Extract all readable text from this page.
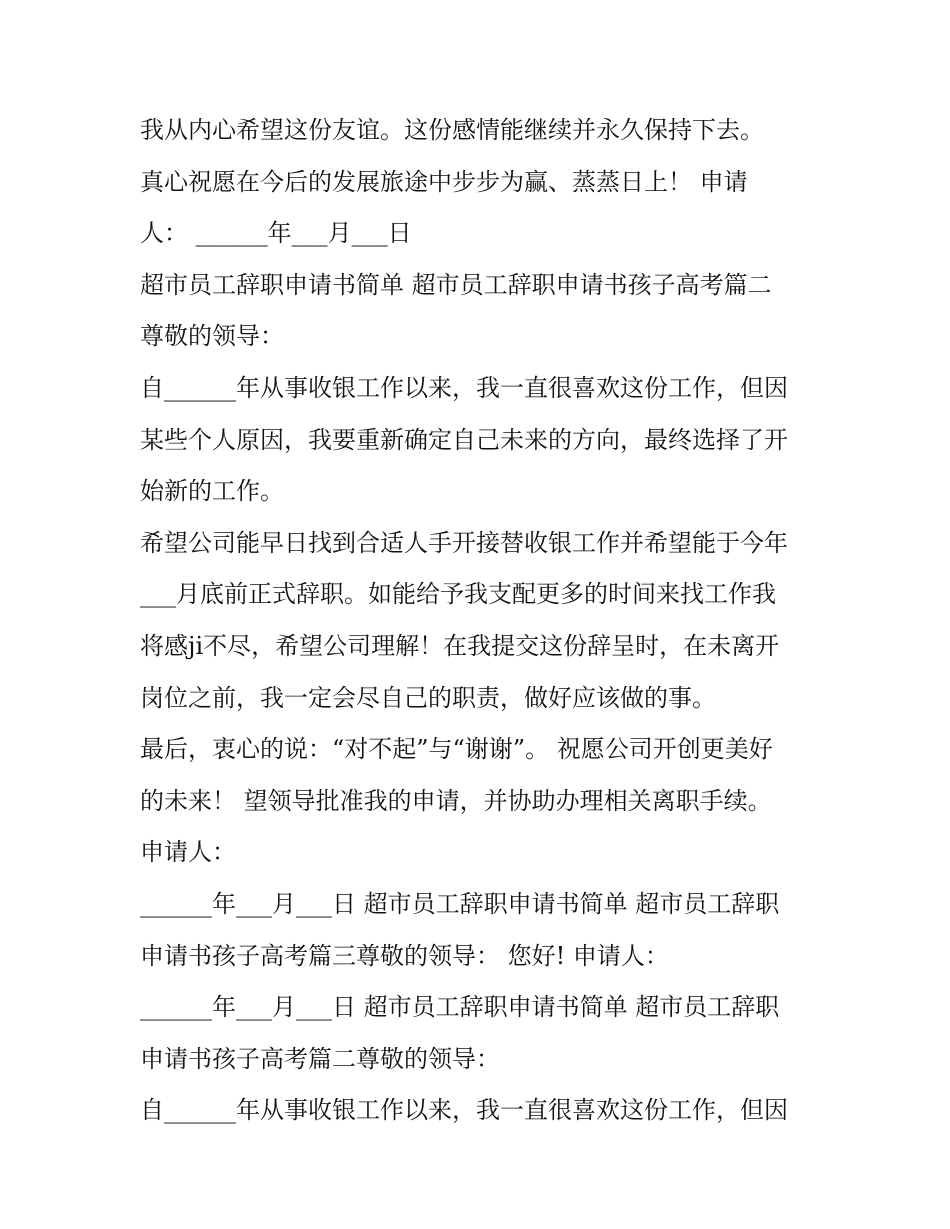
我从内心希望这份友谊。这份感情能继续并永久保持下去。
真心祝愿在今后的发展旅途中步步为赢、蒸蒸日上！ 申请
人： ______年___月___日
超市员工辞职申请书简单 超市员工辞职申请书孩子高考篇二
尊敬的领导：
自______年从事收银工作以来，我一直很喜欢这份工作，但因
某些个人原因，我要重新确定自己未来的方向，最终选择了开
始新的工作。
希望公司能早日找到合适人手开接替收银工作并希望能于今年
___月底前正式辞职。如能给予我支配更多的时间来找工作我
将感ji不尽，希望公司理解！在我提交这份辞呈时，在未离开
岗位之前，我一定会尽自己的职责，做好应该做的事。
最后，衷心的说：“对不起”与“谢谢”。 祝愿公司开创更美好
的未来！ 望领导批准我的申请，并协助办理相关离职手续。
申请人：
______年___月___日 超市员工辞职申请书简单 超市员工辞职
申请书孩子高考篇三尊敬的领导： 您好! 申请人：
______年___月___日 超市员工辞职申请书简单 超市员工辞职
申请书孩子高考篇二尊敬的领导：
自______年从事收银工作以来，我一直很喜欢这份工作，但因
